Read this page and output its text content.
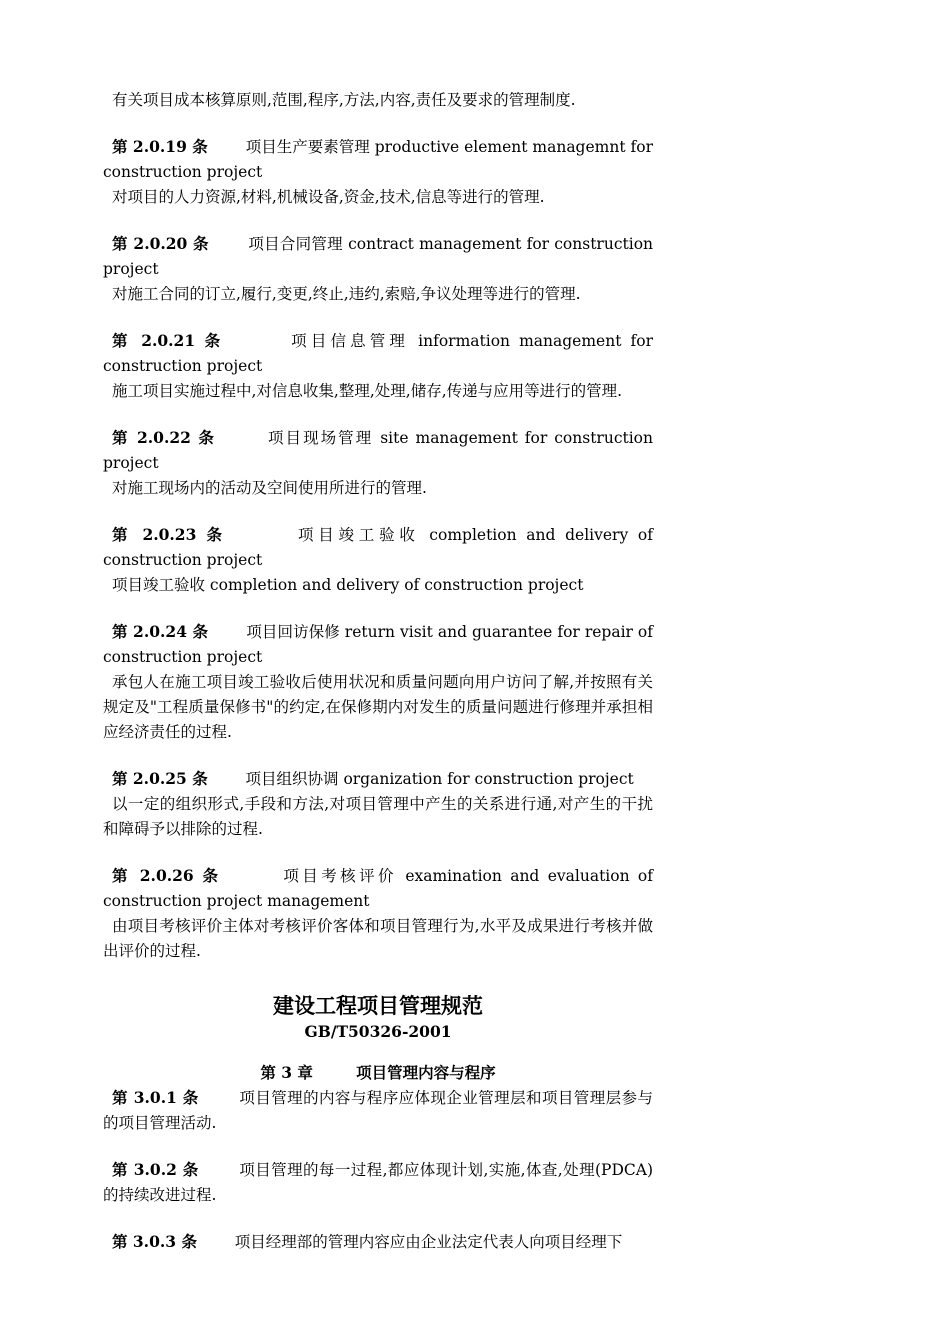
有关项目成本核算原则,范围,程序,方法,内容,责任及要求的管理制度.

第 2.0.19 条 项目生产要素管理 productive element managemnt for construction project

对项目的人力资源,材料,机械设备,资金,技术,信息等进行的管理.

第 2.0.20 条	项目合同管理 contract management for construction project

对施工合同的订立,履行,变更,终止,违约,索赔,争议处理等进行的管理.

第 2.0.21 条	项目信息管理 information management for construction project

施工项目实施过程中,对信息收集,整理,处理,储存,传递与应用等进行的管理.

第 2.0.22 条	项目现场管理 site management for construction project

对施工现场内的活动及空间使用所进行的管理.

第 2.0.23 条	项目竣工验收 completion and delivery of construction project

项目竣工验收 completion and delivery of construction project

第 2.0.24 条 项目回访保修 return visit and guarantee for repair of construction project

承包人在施工项目竣工验收后使用状况和质量问题向用户访问了解,并按照有关规定及"工程质量保修书"的约定,在保修期内对发生的质量问题进行修理并承担相应经济责任的过程.

第 2.0.25 条 项目组织协调 organization for construction project

以一定的组织形式,手段和方法,对项目管理中产生的关系进行通,对产生的干扰和障碍予以排除的过程.

第 2.0.26 条	项目考核评价 examination and evaluation of construction project management

由项目考核评价主体对考核评价客体和项目管理行为,水平及成果进行考核并做出评价的过程.

建设工程项目管理规范

GB/T50326-2001

第 3 章	项目管理内容与程序

第 3.0.1 条	项目管理的内容与程序应体现企业管理层和项目管理层参与的项目管理活动.

第 3.0.2 条	项目管理的每一过程,都应体现计划,实施,体查,处理(PDCA)的持续改进过程.

第 3.0.3 条 项目经理部的管理内容应由企业法定代表人向项目经理下
